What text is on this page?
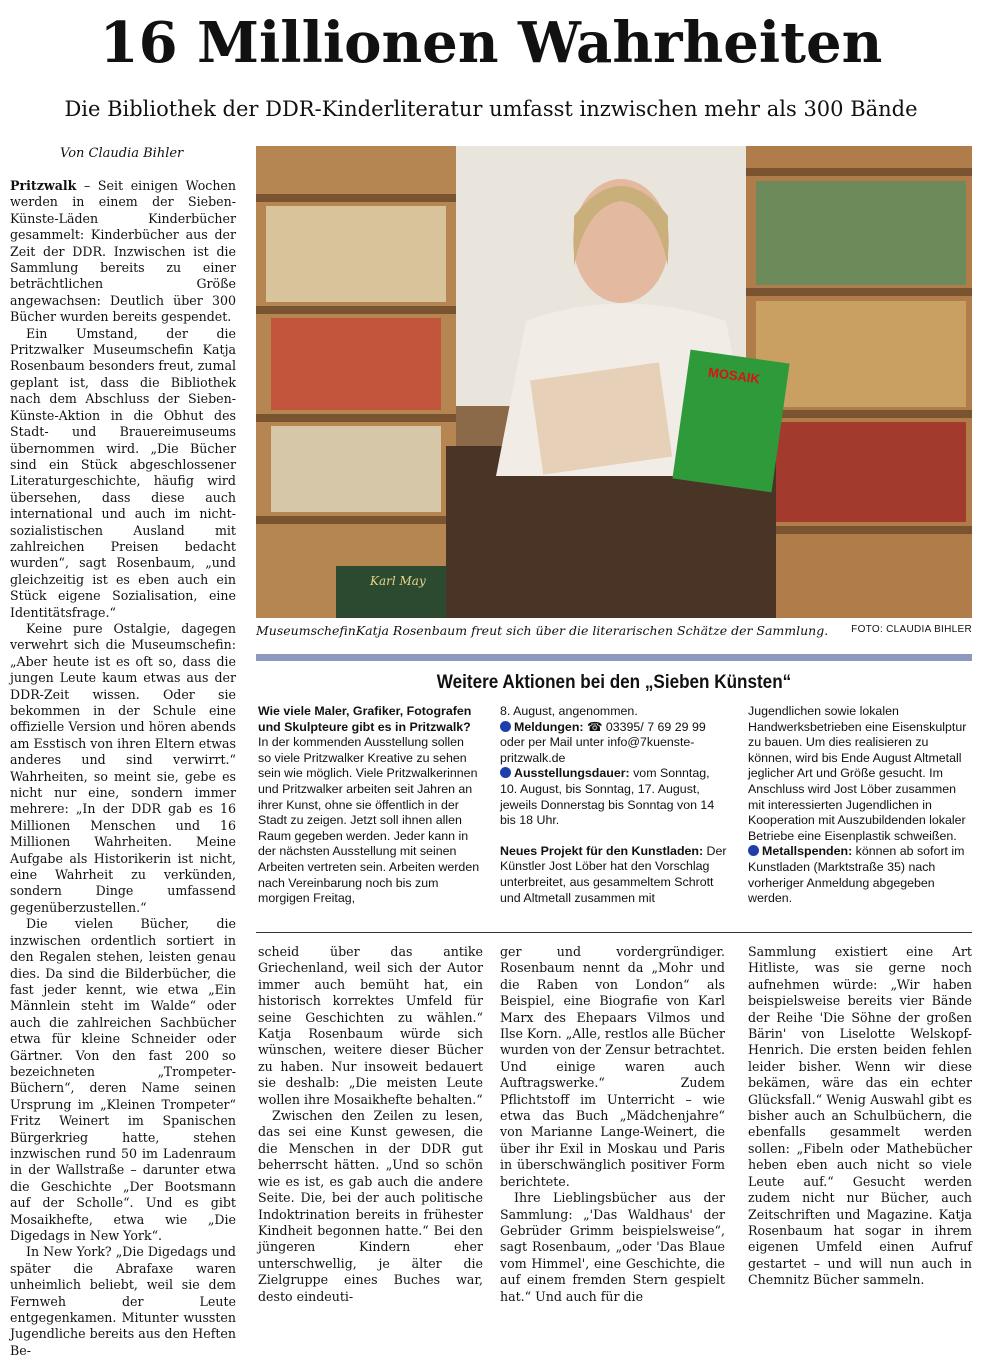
16 Millionen Wahrheiten
Die Bibliothek der DDR-Kinderliteratur umfasst inzwischen mehr als 300 Bände
Von Claudia Bihler

Pritzwalk – Seit einigen Wochen werden in einem der Sieben-Künste-Läden Kinderbücher gesammelt: Kinderbücher aus der Zeit der DDR. Inzwischen ist die Sammlung bereits zu einer beträchtlichen Größe angewachsen: Deutlich über 300 Bücher wurden bereits gespendet.

Ein Umstand, der die Pritzwalker Museumschefin Katja Rosenbaum besonders freut, zumal geplant ist, dass die Bibliothek nach dem Abschluss der Sieben-Künste-Aktion in die Obhut des Stadt- und Brauereimuseums übernommen wird. „Die Bücher sind ein Stück abgeschlossener Literaturgeschichte, häufig wird übersehen, dass diese auch international und auch im nicht-sozialistischen Ausland mit zahlreichen Preisen bedacht wurden“, sagt Rosenbaum, „und gleichzeitig ist es eben auch ein Stück eigene Sozialisation, eine Identitätsfrage.“

Keine pure Ostalgie, dagegen verwehrt sich die Museumschefin: „Aber heute ist es oft so, dass die jungen Leute kaum etwas aus der DDR-Zeit wissen. Oder sie bekommen in der Schule eine offizielle Version und hören abends am Esstisch von ihren Eltern etwas anderes und sind verwirrt.“ Wahrheiten, so meint sie, gebe es nicht nur eine, sondern immer mehrere: „In der DDR gab es 16 Millionen Menschen und 16 Millionen Wahrheiten. Meine Aufgabe als Historikerin ist nicht, eine Wahrheit zu verkünden, sondern Dinge umfassend gegenüberzustellen.“

Die vielen Bücher, die inzwischen ordentlich sortiert in den Regalen stehen, leisten genau dies. Da sind die Bilderbücher, die fast jeder kennt, wie etwa „Ein Männlein steht im Walde“ oder auch die zahlreichen Sachbücher etwa für kleine Schneider oder Gärtner. Von den fast 200 so bezeichneten „Trompeter-Büchern“, deren Name seinen Ursprung im „Kleinen Trompeter“ Fritz Weinert im Spanischen Bürgerkrieg hatte, stehen inzwischen rund 50 im Ladenraum in der Wallstraße – darunter etwa die Geschichte „Der Bootsmann auf der Scholle“. Und es gibt Mosaikhefte, etwa wie „Die Digedags in New York“.

In New York? „Die Digedags und später die Abrafaxe waren unheimlich beliebt, weil sie dem Fernweh der Leute entgegenkamen. Mitunter wussten Jugendliche bereits aus den Heften Be-

Karl May
MOSAIK
MuseumschefinKatja Rosenbaum freut sich über die literarischen Schätze der Sammlung. FOTO: CLAUDIA BIHLER
Weitere Aktionen bei den „Sieben Künsten“
Wie viele Maler, Grafiker, Fotografen und Skulpteure gibt es in Pritzwalk? In der kommenden Ausstellung sollen so viele Pritzwalker Kreative zu sehen sein wie möglich. Viele Pritzwalkerinnen und Pritzwalker arbeiten seit Jahren an ihrer Kunst, ohne sie öffentlich in der Stadt zu zeigen. Jetzt soll ihnen allen Raum gegeben werden. Jeder kann in der nächsten Ausstellung mit seinen Arbeiten vertreten sein. Arbeiten werden nach Vereinbarung noch bis zum morgigen Freitag,
8. August, angenommen.
Meldungen: ☎ 03395/ 7 69 29 99 oder per Mail unter info@7kuenste-pritzwalk.de
Ausstellungsdauer: vom Sonntag, 10. August, bis Sonntag, 17. August, jeweils Donnerstag bis Sonntag von 14 bis 18 Uhr.
Neues Projekt für den Kunstladen: Der Künstler Jost Löber hat den Vorschlag unterbreitet, aus gesammeltem Schrott und Altmetall zusammen mit
Jugendlichen sowie lokalen Handwerksbetrieben eine Eisenskulptur zu bauen. Um dies realisieren zu können, wird bis Ende August Altmetall jeglicher Art und Größe gesucht. Im Anschluss wird Jost Löber zusammen mit interessierten Jugendlichen in Kooperation mit Auszubildenden lokaler Betriebe eine Eisenplastik schweißen.
Metallspenden: können ab sofort im Kunstladen (Marktstraße 35) nach vorheriger Anmeldung abgegeben werden.

scheid über das antike Griechenland, weil sich der Autor immer auch bemüht hat, ein historisch korrektes Umfeld für seine Geschichten zu wählen.“ Katja Rosenbaum würde sich wünschen, weitere dieser Bücher zu haben. Nur insoweit bedauert sie deshalb: „Die meisten Leute wollen ihre Mosaikhefte behalten.“

Zwischen den Zeilen zu lesen, das sei eine Kunst gewesen, die die Menschen in der DDR gut beherrscht hätten. „Und so schön wie es ist, es gab auch die andere Seite. Die, bei der auch politische Indoktrination bereits in frühester Kindheit begonnen hatte.“ Bei den jüngeren Kindern eher unterschwellig, je älter die Zielgruppe eines Buches war, desto eindeuti-

ger und vordergründiger. Rosenbaum nennt da „Mohr und die Raben von London“ als Beispiel, eine Biografie von Karl Marx des Ehepaars Vilmos und Ilse Korn. „Alle, restlos alle Bücher wurden von der Zensur betrachtet. Und einige waren auch Auftragswerke.“ Zudem Pflichtstoff im Unterricht – wie etwa das Buch „Mädchenjahre“ von Marianne Lange-Weinert, die über ihr Exil in Moskau und Paris in überschwänglich positiver Form berichtete.

Ihre Lieblingsbücher aus der Sammlung: „'Das Waldhaus' der Gebrüder Grimm beispielsweise“, sagt Rosenbaum, „oder 'Das Blaue vom Himmel', eine Geschichte, die auf einem fremden Stern gespielt hat.“ Und auch für die

Sammlung existiert eine Art Hitliste, was sie gerne noch aufnehmen würde: „Wir haben beispielsweise bereits vier Bände der Reihe 'Die Söhne der großen Bärin' von Liselotte Welskopf-Henrich. Die ersten beiden fehlen leider bisher. Wenn wir diese bekämen, wäre das ein echter Glücksfall.“ Wenig Auswahl gibt es bisher auch an Schulbüchern, die ebenfalls gesammelt werden sollen: „Fibeln oder Mathebücher heben eben auch nicht so viele Leute auf.“ Gesucht werden zudem nicht nur Bücher, auch Zeitschriften und Magazine. Katja Rosenbaum hat sogar in ihrem eigenen Umfeld einen Aufruf gestartet – und will nun auch in Chemnitz Bücher sammeln.
